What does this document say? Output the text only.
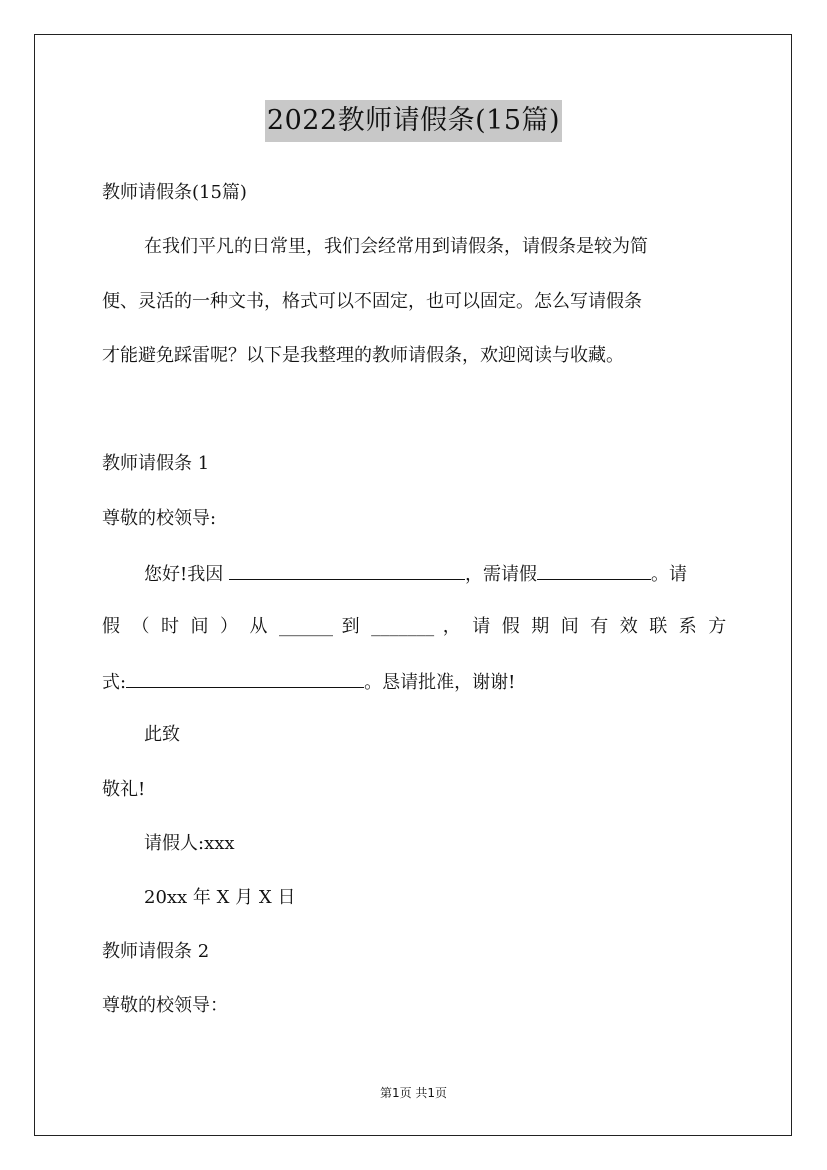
2022教师请假条(15篇)
教师请假条(15篇)
在我们平凡的日常里，我们会经常用到请假条，请假条是较为简
便、灵活的一种文书，格式可以不固定，也可以固定。怎么写请假条
才能避免踩雷呢？以下是我整理的教师请假条，欢迎阅读与收藏。
教师请假条 1
尊敬的校领导:
您好!我因	，需请假	。请
假 （ 时 间 ） 从 ______ 到 _______ ， 请 假 期 间 有 效 联 系 方
式:	。恳请批准，谢谢!
此致
敬礼!
请假人:xxx
20xx 年 X 月 X 日
教师请假条 2
尊敬的校领导：
第1页 共1页
